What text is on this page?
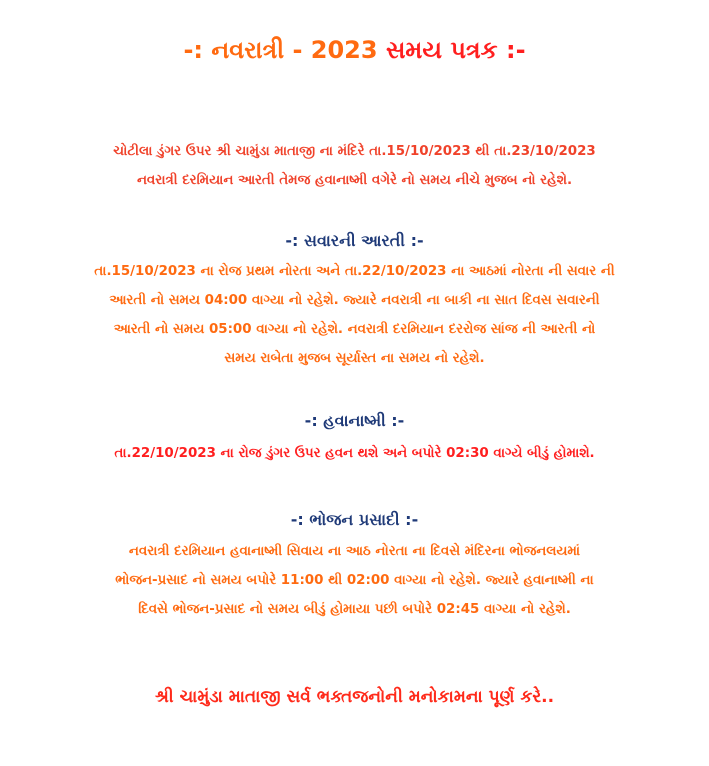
-: નવરાત્રી - 2023 સમય પત્રક :-
ચોટીલા ડુંગર ઉપર શ્રી ચામુંડા માતાજી ના મંદિરે તા.15/10/2023 થી તા.23/10/2023
નવરાત્રી દરમિયાન આરતી તેમજ હવાનાષ્મી વગેરે નો સમય નીચે મુજબ નો રહેશે.
-: સવારની આરતી :-
તા.15/10/2023 ના રોજ પ્રથમ નોરતા અને તા.22/10/2023 ના આઠમાં નોરતા ની સવાર ની
આરતી નો સમય 04:00 વાગ્યા નો રહેશે. જ્યારે નવરાત્રી ના બાકી ના સાત દિવસ સવારની
આરતી નો સમય 05:00 વાગ્યા નો રહેશે. નવરાત્રી દરમિયાન દરરોજ સાંજ ની આરતી નો
સમય રાબેતા મુજબ સૂર્યાસ્ત ના સમય નો રહેશે.
-: હવાનાષ્મી :-
તા.22/10/2023 ના રોજ ડુંગર ઉપર હવન થશે અને બપોરે 02:30 વાગ્યે બીડું હોમાશે.
-: ભોજન પ્રસાદી :-
નવરાત્રી દરમિયાન હવાનાષ્મી સિવાય ના આઠ નોરતા ના દિવસે મંદિરના ભોજનલયમાં
ભોજન-પ્રસાદ નો સમય બપોરે 11:00 થી 02:00 વાગ્યા નો રહેશે. જ્યારે હવાનાષ્મી ના
દિવસે ભોજન-પ્રસાદ નો સમય બીડું હોમાયા પછી બપોરે 02:45 વાગ્યા નો રહેશે.
શ્રી ચામુંડા માતાજી સર્વ ભક્તજનોની મનોકામના પૂર્ણ કરે..
